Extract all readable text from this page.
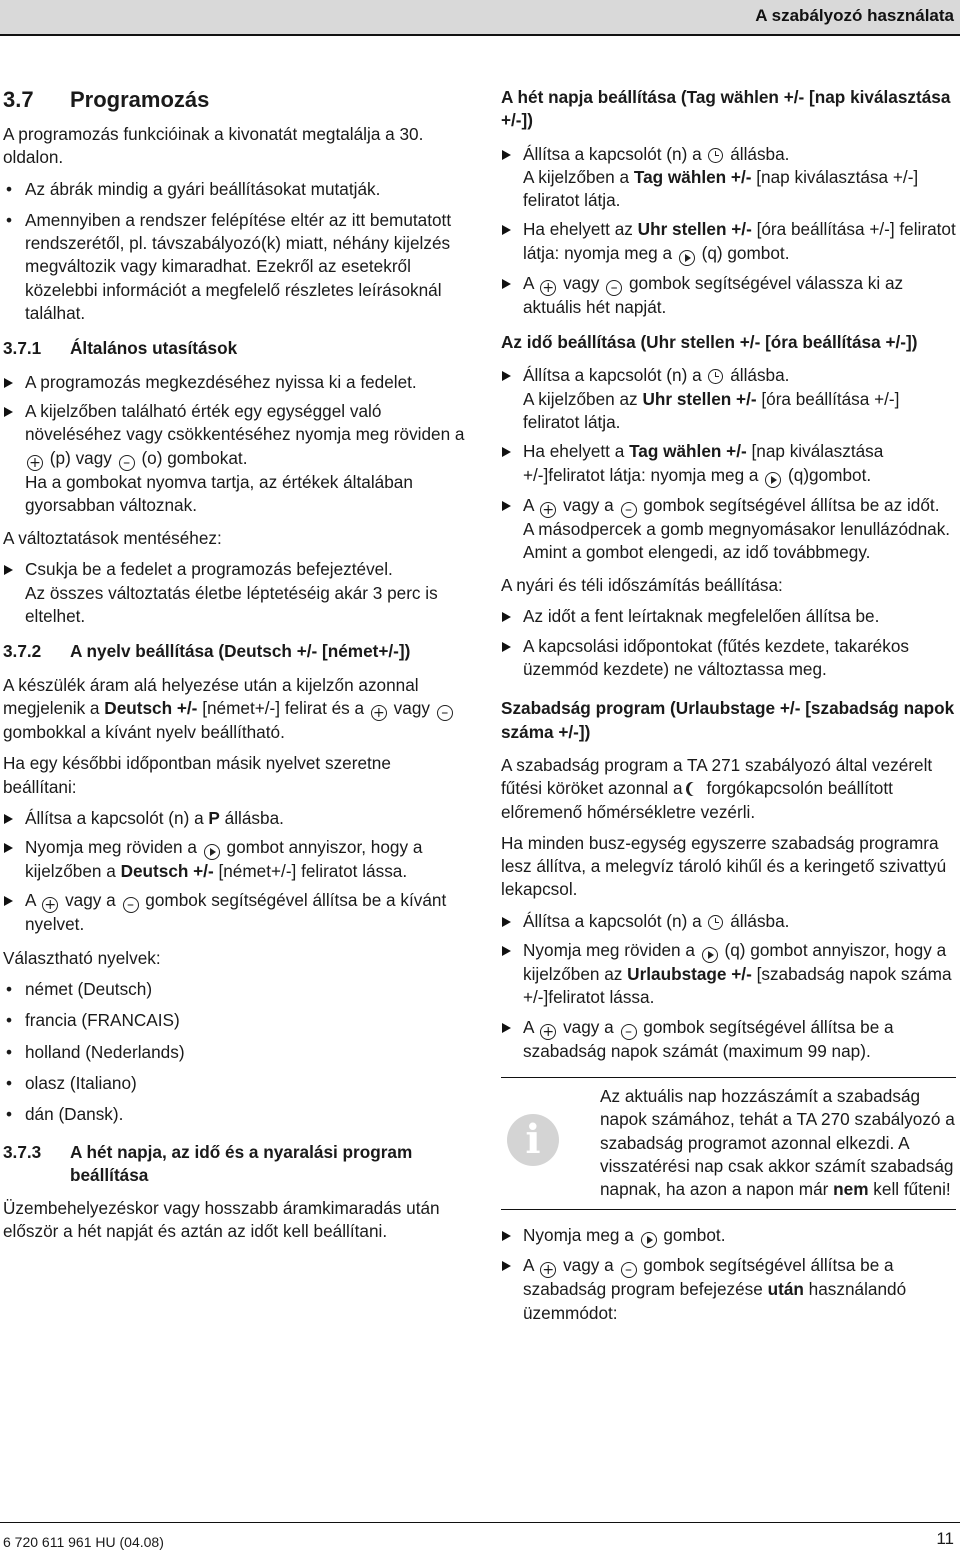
A szabályozó használata
3.7 Programozás

A programozás funkcióinak a kivonatát megtalálja a 30. oldalon.

• Az ábrák mindig a gyári beállításokat mutatják.
• Amennyiben a rendszer felépítése eltér az itt bemutatott rendszerétől, pl. távszabályozó(k) miatt, néhány kijelzés megváltozik vagy kimaradhat. Ezekről az esetekről közelebbi információt a megfelelő részletes leírásoknál találhat.
3.7.1 Általános utasítások
A programozás megkezdéséhez nyissa ki a fedelet.
A kijelzőben található érték egy egységgel való növeléséhez vagy csökkentéséhez nyomja meg röviden a + (p) vagy – (o) gombokat.
Ha a gombokat nyomva tartja, az értékek általában gyorsabban változnak.

A változtatások mentéséhez:

Csukja be a fedelet a programozás befejeztével.
Az összes változtatás életbe léptetéséig akár 3 perc is eltelhet.
3.7.2 A nyelv beállítása (Deutsch +/- [német+/-])

A készülék áram alá helyezése után a kijelzőn azonnal megjelenik a Deutsch +/- [német+/-] felirat és a + vagy – gombokkal a kívánt nyelv beállítható.

Ha egy későbbi időpontban másik nyelvet szeretne beállítani:

Állítsa a kapcsolót (n) a P állásba.
Nyomja meg röviden a gombot annyiszor, hogy a kijelzőben a Deutsch +/- [német+/-] feliratot lássa.
A + vagy a – gombok segítségével állítsa be a kívánt nyelvet.

Választható nyelvek:

• német (Deutsch)
• francia (FRANCAIS)
• holland (Nederlands)
• olasz (Italiano)
• dán (Dansk).
3.7.3 A hét napja, az idő és a nyaralási program beállítása

Üzembehelyezéskor vagy hosszabb áramkimaradás után először a hét napját és aztán az időt kell beállítani.

A hét napja beállítása (Tag wählen +/- [nap kiválasztása +/-])
Állítsa a kapcsolót (n) a állásba.
A kijelzőben a Tag wählen +/- [nap kiválasztása +/-] feliratot látja.
Ha ehelyett az Uhr stellen +/- [óra beállítása +/-] feliratot látja: nyomja meg a (q) gombot.
A + vagy – gombok segítségével válassza ki az aktuális hét napját.
Az idő beállítása (Uhr stellen +/- [óra beállítása +/-])
Állítsa a kapcsolót (n) a állásba.
A kijelzőben az Uhr stellen +/- [óra beállítása +/-] feliratot látja.
Ha ehelyett a Tag wählen +/- [nap kiválasztása +/-]feliratot látja: nyomja meg a (q)gombot.
A + vagy a – gombok segítségével állítsa be az időt.
A másodpercek a gomb megnyomásakor lenullázódnak. Amint a gombot elengedi, az idő továbbmegy.

A nyári és téli időszámítás beállítása:

Az időt a fent leírtaknak megfelelően állítsa be.
A kapcsolási időpontokat (fűtés kezdete, takarékos üzemmód kezdete) ne változtassa meg.
Szabadság program (Urlaubstage +/- [szabadság napok száma +/-])

A szabadság program a TA 271 szabályozó által vezérelt fűtési köröket azonnal a forgókapcsolón beállított előremenő hőmérsékletre vezérli.

Ha minden busz-egység egyszerre szabadság programra lesz állítva, a melegvíz tároló kihűl és a keringető szivattyú lekapcsol.

Állítsa a kapcsolót (n) a állásba.
Nyomja meg röviden a (q) gombot annyiszor, hogy a kijelzőben az Urlaubstage +/- [szabadság napok száma +/-]feliratot lássa.
A + vagy a – gombok segítségével állítsa be a szabadság napok számát (maximum 99 nap).
i
Az aktuális nap hozzászámít a szabadság napok számához, tehát a TA 270 szabályozó a szabadság programot azonnal elkezdi. A visszatérési nap csak akkor számít szabadság napnak, ha azon a napon már nem kell fűteni!
Nyomja meg a gombot.
A + vagy a – gombok segítségével állítsa be a szabadság program befejezése után használandó üzemmódot:
6 720 611 961 HU (04.08)	11
